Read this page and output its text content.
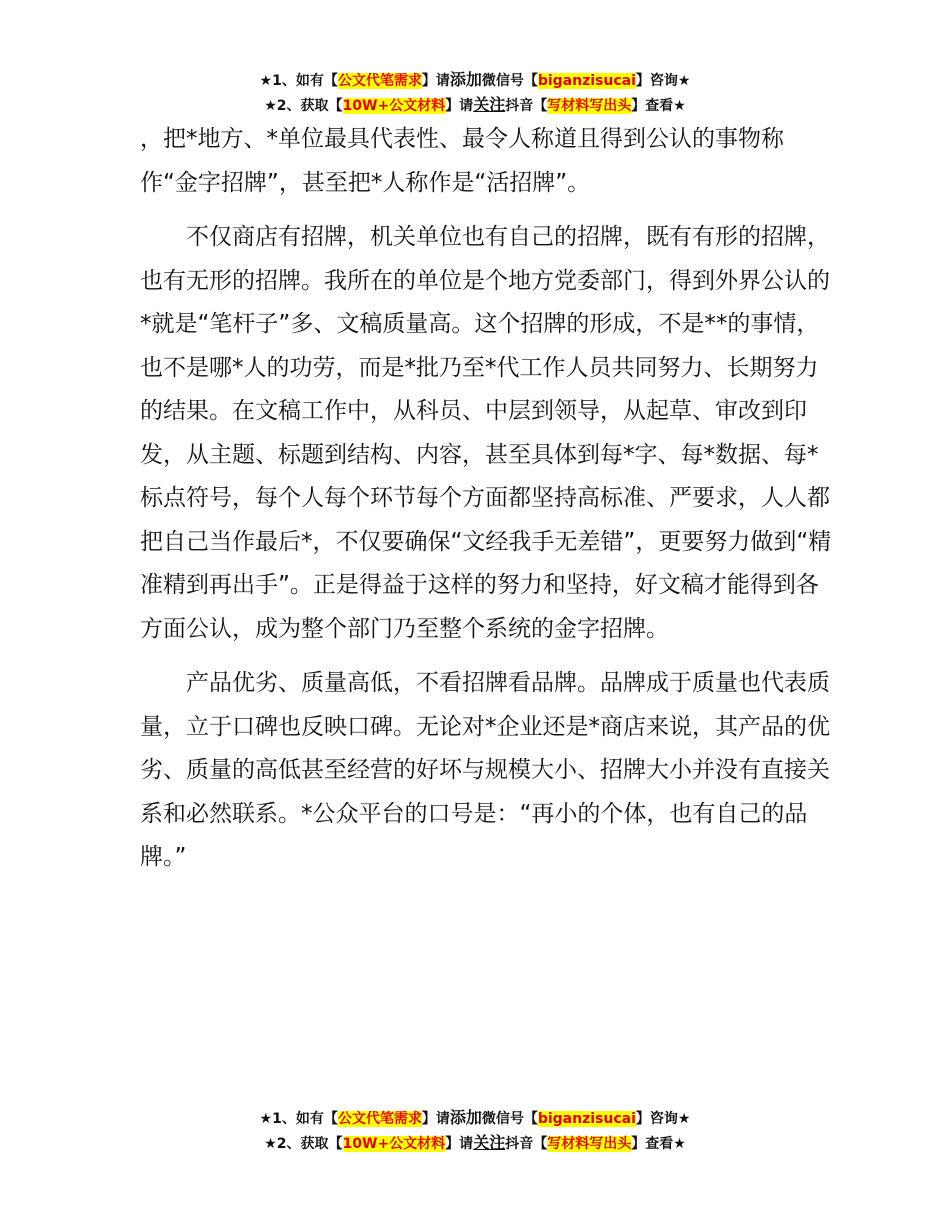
★1、如有【公文代笔需求】请添加微信号【biganzisucai】咨询★
★2、获取【10W+公文材料】请关注抖音【写材料写出头】查看★

，把*地方、*单位最具代表性、最令人称道且得到公认的事物称作“金字招牌”，甚至把*人称作是“活招牌”。

不仅商店有招牌，机关单位也有自己的招牌，既有有形的招牌，也有无形的招牌。我所在的单位是个地方党委部门，得到外界公认的*就是“笔杆子”多、文稿质量高。这个招牌的形成，不是**的事情，也不是哪*人的功劳，而是*批乃至*代工作人员共同努力、长期努力的结果。在文稿工作中，从科员、中层到领导，从起草、审改到印发，从主题、标题到结构、内容，甚至具体到每*字、每*数据、每*标点符号，每个人每个环节每个方面都坚持高标准、严要求，人人都把自己当作最后*，不仅要确保“文经我手无差错”，更要努力做到“精准精到再出手”。正是得益于这样的努力和坚持，好文稿才能得到各方面公认，成为整个部门乃至整个系统的金字招牌。

产品优劣、质量高低，不看招牌看品牌。品牌成于质量也代表质量，立于口碑也反映口碑。无论对*企业还是*商店来说，其产品的优劣、质量的高低甚至经营的好坏与规模大小、招牌大小并没有直接关系和必然联系。*公众平台的口号是：“再小的个体，也有自己的品牌。”

★1、如有【公文代笔需求】请添加微信号【biganzisucai】咨询★
★2、获取【10W+公文材料】请关注抖音【写材料写出头】查看★
